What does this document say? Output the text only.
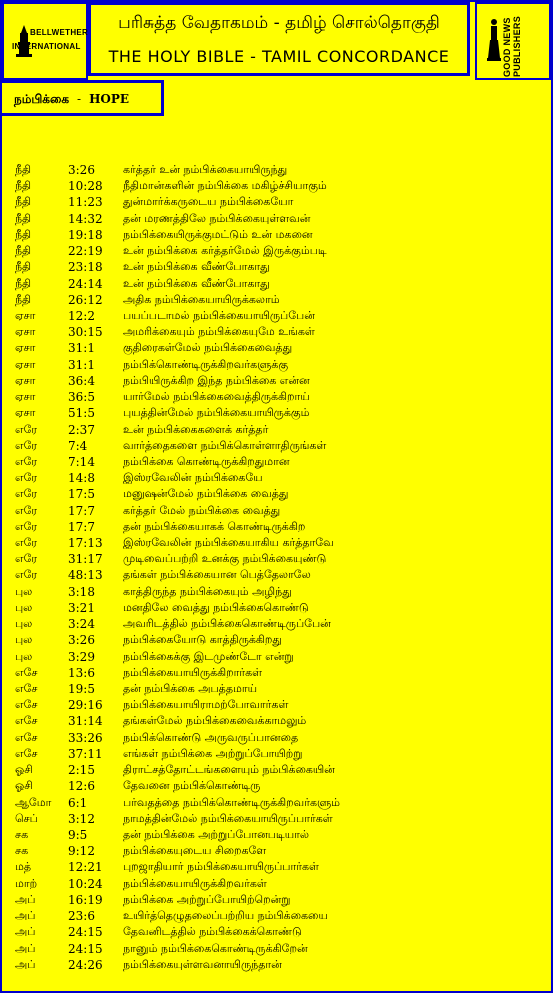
BELLWETHER
INTERNATIONAL
பரிசுத்த வேதாகமம் - தமிழ் சொல்தொகுதி
THE HOLY BIBLE - TAMIL CONCORDANCE	GOOD NEWS PUBLISHERS
நம்பிக்கை - HOPE
நீதி	3:26	கர்த்தர் உன் நம்பிக்கையாயிருந்து
நீதி	10:28 நீதிமான்களின் நம்பிக்கை மகிழ்ச்சியாகும்
நீதி	11:23 துன்மார்க்கருடைய நம்பிக்கையோ
நீதி	14:32 தன் மரணத்திலே நம்பிக்கையுள்ளவன்
நீதி	19:18 நம்பிக்கையிருக்குமட்டும் உன் மகனை
நீதி	22:19 உன் நம்பிக்கை கர்த்தர்மேல் இருக்கும்படி
நீதி	23:18 உன் நம்பிக்கை வீண்போகாது
நீதி	24:14 உன் நம்பிக்கை வீண்போகாது
நீதி	26:12 அதிக நம்பிக்கையாயிருக்கலாம்
ஏசா	12:2	பயப்படாமல் நம்பிக்கையாயிருப்பேன்
ஏசா	30:15 அமரிக்கையும் நம்பிக்கையுமே உங்கள்
ஏசா	31:1	குதிரைகள்மேல் நம்பிக்கைவைத்து
ஏசா	31:1	நம்பிக்கொண்டிருக்கிறவர்களுக்கு
ஏசா	36:4	நம்பியிருக்கிற இந்த நம்பிக்கை என்ன
ஏசா	36:5	யார்மேல் நம்பிக்கைவைத்திருக்கிறாய்
ஏசா	51:5	புயத்தின்மேல் நம்பிக்கையாயிருக்கும்
எரே	2:37	உன் நம்பிக்கைகளைக் கர்த்தர்
எரே	7:4	வார்த்தைகளை நம்பிக்கொள்ளாதிருங்கள்
எரே	7:14	நம்பிக்கை கொண்டிருக்கிறதுமான
எரே	14:8	இஸ்ரவேலின் நம்பிக்கையே
எரே	17:5	மனுஷன்மேல் நம்பிக்கை வைத்து
எரே	17:7	கர்த்தர் மேல் நம்பிக்கை வைத்து
எரே	17:7	தன் நம்பிக்கையாகக் கொண்டிருக்கிற
எரே	17:13 இஸ்ரவேலின் நம்பிக்கையாகிய கர்த்தாவே
எரே	31:17 முடிவைப்பற்றி உனக்கு நம்பிக்கையுண்டு
எரே	48:13 தங்கள் நம்பிக்கையான பெத்தேலாலே
புல	3:18	காத்திருந்த நம்பிக்கையும் அழிந்து
புல	3:21	மனதிலே வைத்து நம்பிக்கைகொண்டு
புல	3:24	அவரிடத்தில் நம்பிக்கைகொண்டிருப்பேன்
புல	3:26	நம்பிக்கையோடு காத்திருக்கிறது
புல	3:29	நம்பிக்கைக்கு இடமுண்டோ என்று
எசே	13:6	நம்பிக்கையாயிருக்கிறார்கள்
எசே	19:5	தன் நம்பிக்கை அபத்தமாய்
எசே	29:16 நம்பிக்கையாயிராமற்போவார்கள்
எசே	31:14 தங்கள்மேல் நம்பிக்கைவைக்காமலும்
எசே	33:26 நம்பிக்கொண்டு அருவருப்பானதை
எசே	37:11 எங்கள் நம்பிக்கை அற்றுப்போயிற்று
ஓசி	2:15	திராட்சத்தோட்டங்களையும் நம்பிக்கையின்
ஓசி	12:6	தேவனை நம்பிக்கொண்டிரு
ஆமோ 6:1	பர்வதத்தை நம்பிக்கொண்டிருக்கிறவர்களும்
செப்	3:12	நாமத்தின்மேல் நம்பிக்கையாயிருப்பார்கள்
சக	9:5	தன் நம்பிக்கை அற்றுப்போனபடியால்
சக	9:12	நம்பிக்கையுடைய சிறைகளே
மத்	12:21 புறஜாதியார் நம்பிக்கையாயிருப்பார்கள்
மாற்	10:24 நம்பிக்கையாயிருக்கிறவர்கள்
அப்	16:19 நம்பிக்கை அற்றுப்போயிற்றென்று
அப்	23:6	உயிர்த்தெழுதலைப்பற்றிய நம்பிக்கையை
அப்	24:15 தேவனிடத்தில் நம்பிக்கைக்கொண்டு
அப்	24:15 நானும் நம்பிக்கைகொண்டிருக்கிறேன்
அப்	24:26 நம்பிக்கையுள்ளவனாயிருந்தான்
